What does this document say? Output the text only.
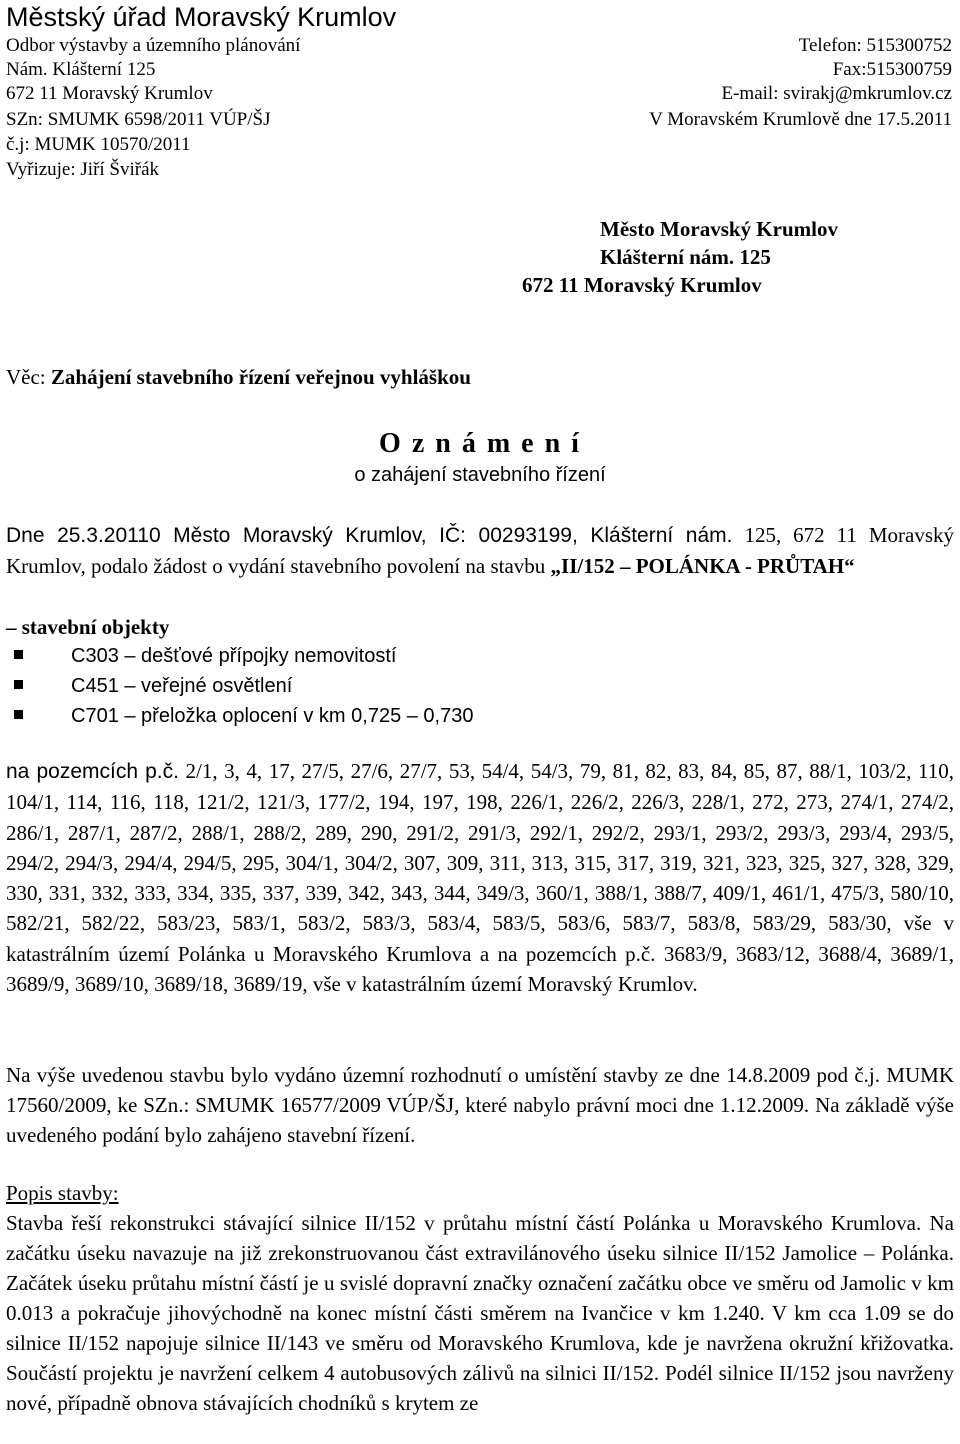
Městský úřad Moravský Krumlov
Odbor výstavby a územního plánování	Telefon: 515300752
Nám. Klášterní 125	Fax:515300759
672 11 Moravský Krumlov	E-mail: svirakj@mkrumlov.cz
SZn: SMUMK 6598/2011 VÚP/ŠJ	V Moravském Krumlově dne 17.5.2011
č.j: MUMK 10570/2011
Vyřizuje: Jiří Šviřák
Město Moravský Krumlov
Klášterní nám. 125
672 11 Moravský Krumlov
Věc: Zahájení stavebního řízení veřejnou vyhláškou
O z n á m e n í
o zahájení stavebního řízení
Dne 25.3.20110 Město Moravský Krumlov, IČ: 00293199, Klášterní nám. 125, 672 11 Moravský Krumlov, podalo žádost o vydání stavebního povolení na stavbu „II/152 – POLÁNKA - PRŮTAH“
– stavební objekty
C303 – dešťové přípojky nemovitostí
C451 – veřejné osvětlení
C701 – přeložka oplocení v km 0,725 – 0,730
na pozemcích p.č. 2/1, 3, 4, 17, 27/5, 27/6, 27/7, 53, 54/4, 54/3, 79, 81, 82, 83, 84, 85, 87, 88/1, 103/2, 110, 104/1, 114, 116, 118, 121/2, 121/3, 177/2, 194, 197, 198, 226/1, 226/2, 226/3, 228/1, 272, 273, 274/1, 274/2, 286/1, 287/1, 287/2, 288/1, 288/2, 289, 290, 291/2, 291/3, 292/1, 292/2, 293/1, 293/2, 293/3, 293/4, 293/5, 294/2, 294/3, 294/4, 294/5, 295, 304/1, 304/2, 307, 309, 311, 313, 315, 317, 319, 321, 323, 325, 327, 328, 329, 330, 331, 332, 333, 334, 335, 337, 339, 342, 343, 344, 349/3, 360/1, 388/1, 388/7, 409/1, 461/1, 475/3, 580/10, 582/21, 582/22, 583/23, 583/1, 583/2, 583/3, 583/4, 583/5, 583/6, 583/7, 583/8, 583/29, 583/30, vše v katastrálním území Polánka u Moravského Krumlova a na pozemcích p.č. 3683/9, 3683/12, 3688/4, 3689/1, 3689/9, 3689/10, 3689/18, 3689/19, vše v katastrálním území Moravský Krumlov.
Na výše uvedenou stavbu bylo vydáno územní rozhodnutí o umístění stavby ze dne 14.8.2009 pod č.j. MUMK 17560/2009, ke SZn.: SMUMK 16577/2009 VÚP/ŠJ, které nabylo právní moci dne 1.12.2009. Na základě výše uvedeného podání bylo zahájeno stavební řízení.
Popis stavby:
Stavba řeší rekonstrukci stávající silnice II/152 v průtahu místní částí Polánka u Moravského Krumlova. Na začátku úseku navazuje na již zrekonstruovanou část extravilánového úseku silnice II/152 Jamolice – Polánka. Začátek úseku průtahu místní částí je u svislé dopravní značky označení začátku obce ve směru od Jamolic v km 0.013 a pokračuje jihovýchodně na konec místní části směrem na Ivančice v km 1.240. V km cca 1.09 se do silnice II/152 napojuje silnice II/143 ve směru od Moravského Krumlova, kde je navržena okružní křižovatka. Součástí projektu je navržení celkem 4 autobusových zálivů na silnici II/152. Podél silnice II/152 jsou navrženy nové, případně obnova stávajících chodníků s krytem ze
